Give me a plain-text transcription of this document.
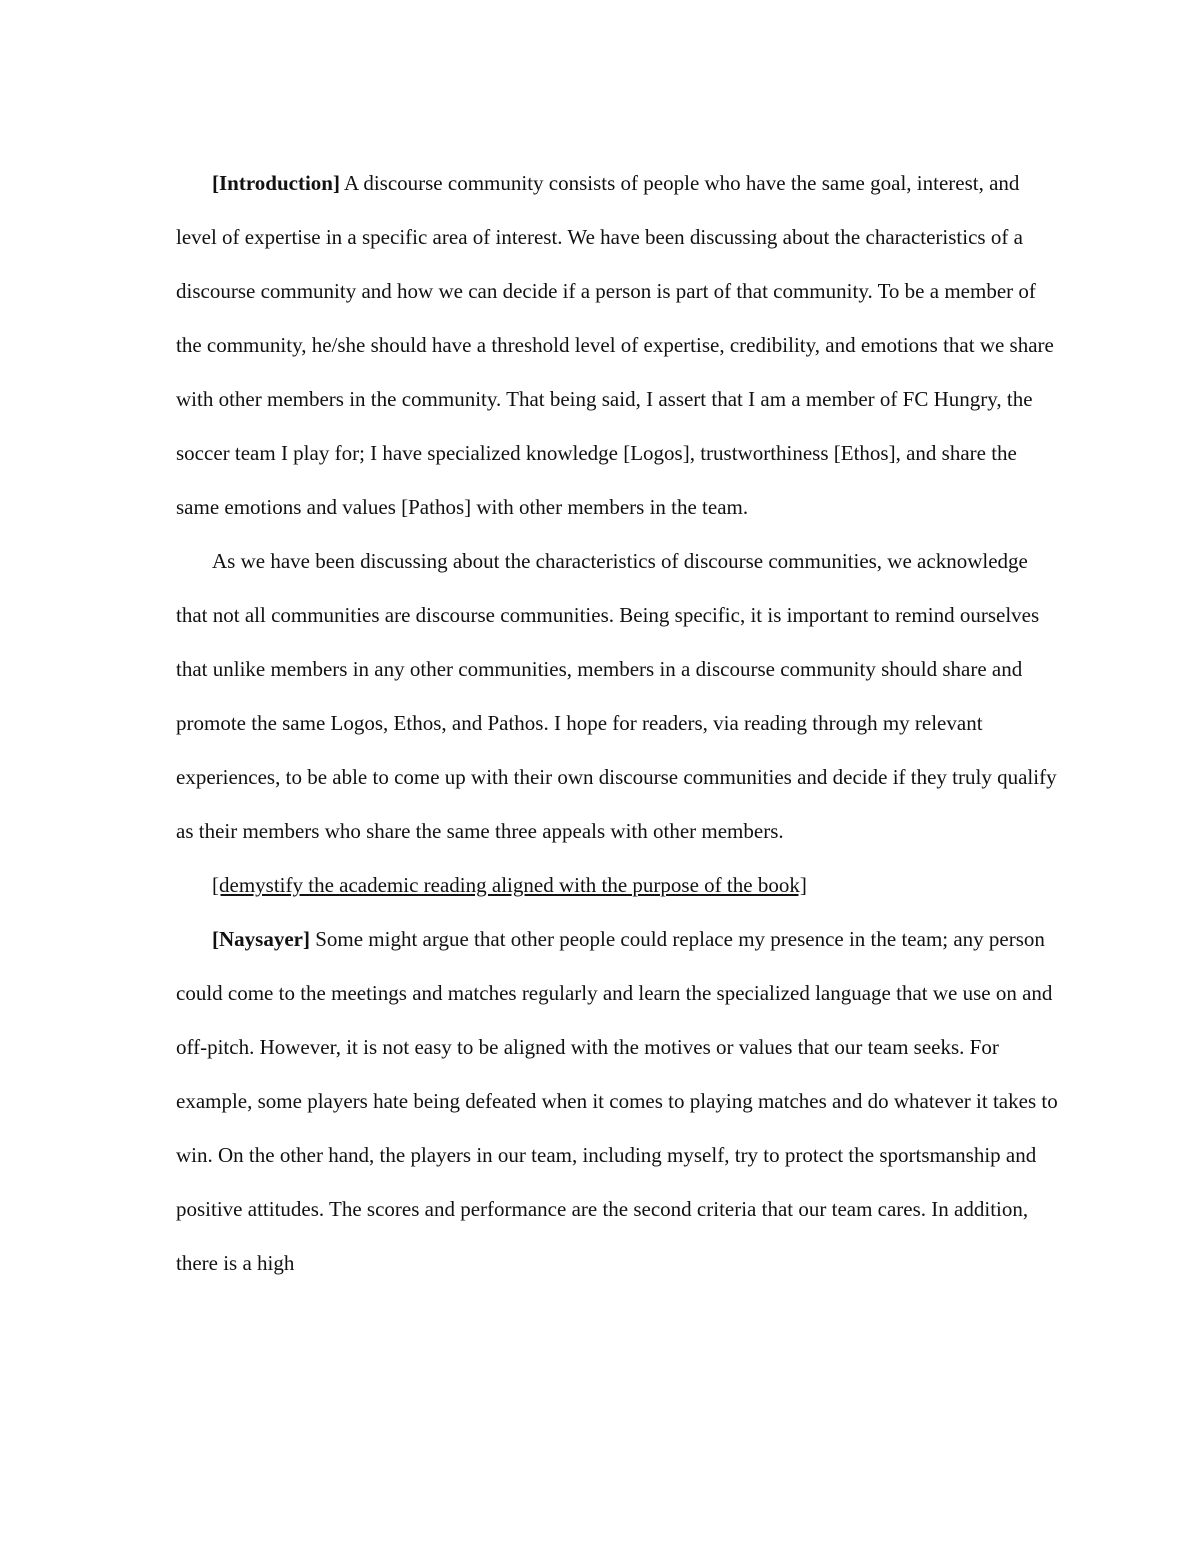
[Introduction] A discourse community consists of people who have the same goal, interest, and level of expertise in a specific area of interest. We have been discussing about the characteristics of a discourse community and how we can decide if a person is part of that community. To be a member of the community, he/she should have a threshold level of expertise, credibility, and emotions that we share with other members in the community. That being said, I assert that I am a member of FC Hungry, the soccer team I play for; I have specialized knowledge [Logos], trustworthiness [Ethos], and share the same emotions and values [Pathos] with other members in the team.

As we have been discussing about the characteristics of discourse communities, we acknowledge that not all communities are discourse communities. Being specific, it is important to remind ourselves that unlike members in any other communities, members in a discourse community should share and promote the same Logos, Ethos, and Pathos. I hope for readers, via reading through my relevant experiences, to be able to come up with their own discourse communities and decide if they truly qualify as their members who share the same three appeals with other members.

[demystify the academic reading aligned with the purpose of the book]

[Naysayer] Some might argue that other people could replace my presence in the team; any person could come to the meetings and matches regularly and learn the specialized language that we use on and off-pitch. However, it is not easy to be aligned with the motives or values that our team seeks. For example, some players hate being defeated when it comes to playing matches and do whatever it takes to win. On the other hand, the players in our team, including myself, try to protect the sportsmanship and positive attitudes. The scores and performance are the second criteria that our team cares. In addition, there is a high
